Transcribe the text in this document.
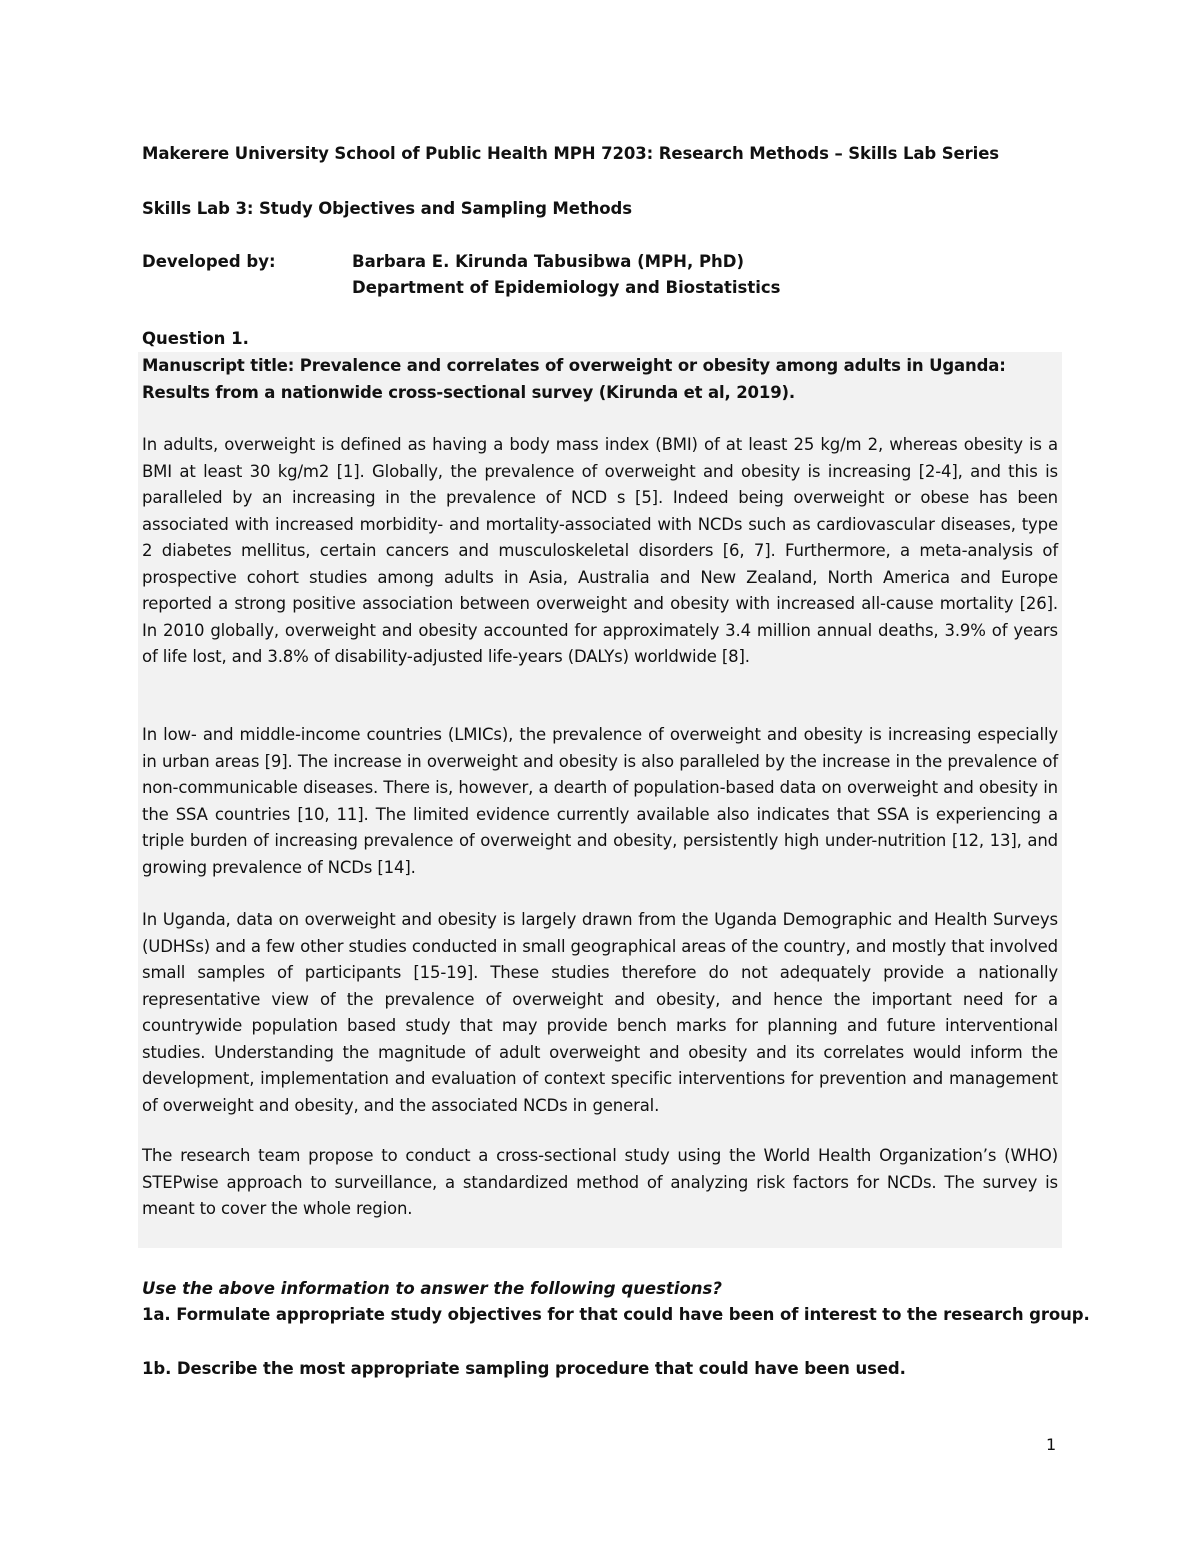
Makerere University School of Public Health MPH 7203: Research Methods – Skills Lab Series
Skills Lab 3: Study Objectives and Sampling Methods
Developed by:	Barbara E. Kirunda Tabusibwa (MPH, PhD)
Department of Epidemiology and Biostatistics
Question 1.
Manuscript title: Prevalence and correlates of overweight or obesity among adults in Uganda: Results from a nationwide cross-sectional survey (Kirunda et al, 2019).
In adults, overweight is defined as having a body mass index (BMI) of at least 25 kg/m 2, whereas obesity is a BMI at least 30 kg/m2 [1]. Globally, the prevalence of overweight and obesity is increasing [2-4], and this is paralleled by an increasing in the prevalence of NCD s [5]. Indeed being overweight or obese has been associated with increased morbidity- and mortality-associated with NCDs such as cardiovascular diseases, type 2 diabetes mellitus, certain cancers and musculoskeletal disorders [6, 7]. Furthermore, a meta-analysis of prospective cohort studies among adults in Asia, Australia and New Zealand, North America and Europe reported a strong positive association between overweight and obesity with increased all-cause mortality [26]. In 2010 globally, overweight and obesity accounted for approximately 3.4 million annual deaths, 3.9% of years of life lost, and 3.8% of disability-adjusted life-years (DALYs) worldwide [8].
In low- and middle-income countries (LMICs), the prevalence of overweight and obesity is increasing especially in urban areas [9]. The increase in overweight and obesity is also paralleled by the increase in the prevalence of non-communicable diseases. There is, however, a dearth of population-based data on overweight and obesity in the SSA countries [10, 11]. The limited evidence currently available also indicates that SSA is experiencing a triple burden of increasing prevalence of overweight and obesity, persistently high under-nutrition [12, 13], and growing prevalence of NCDs [14].
In Uganda, data on overweight and obesity is largely drawn from the Uganda Demographic and Health Surveys (UDHSs) and a few other studies conducted in small geographical areas of the country, and mostly that involved small samples of participants [15-19]. These studies therefore do not adequately provide a nationally representative view of the prevalence of overweight and obesity, and hence the important need for a countrywide population based study that may provide bench marks for planning and future interventional studies. Understanding the magnitude of adult overweight and obesity and its correlates would inform the development, implementation and evaluation of context specific interventions for prevention and management of overweight and obesity, and the associated NCDs in general.
The research team propose to conduct a cross-sectional study using the World Health Organization’s (WHO) STEPwise approach to surveillance, a standardized method of analyzing risk factors for NCDs. The survey is meant to cover the whole region.
Use the above information to answer the following questions?
1a. Formulate appropriate study objectives for that could have been of interest to the research group.
1b. Describe the most appropriate sampling procedure that could have been used.
1
